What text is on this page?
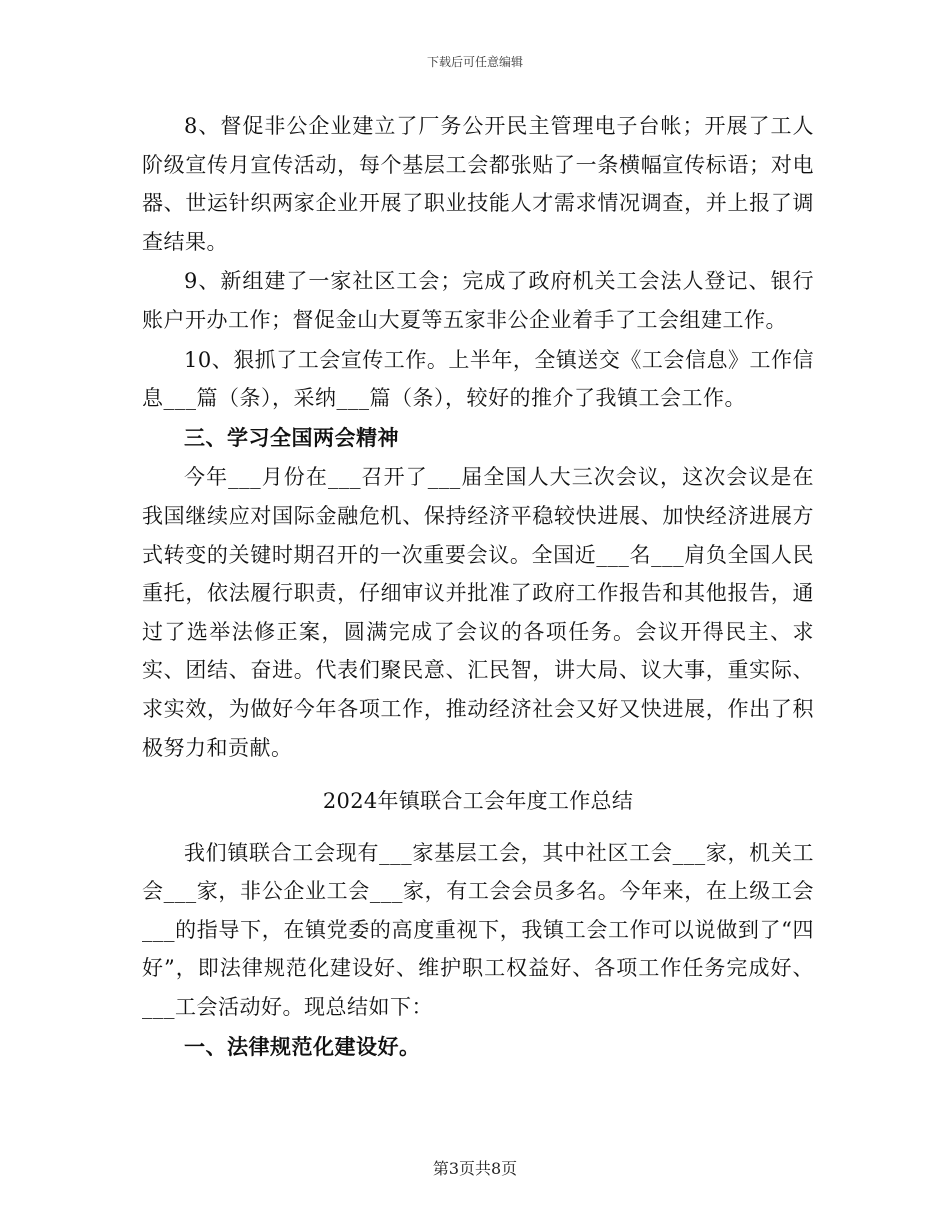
下载后可任意编辑

8、督促非公企业建立了厂务公开民主管理电子台帐；开展了工人阶级宣传月宣传活动，每个基层工会都张贴了一条横幅宣传标语；对电器、世运针织两家企业开展了职业技能人才需求情况调查，并上报了调查结果。

9、新组建了一家社区工会；完成了政府机关工会法人登记、银行账户开办工作；督促金山大夏等五家非公企业着手了工会组建工作。

10、狠抓了工会宣传工作。上半年，全镇送交《工会信息》工作信息___篇（条），采纳___篇（条），较好的推介了我镇工会工作。

三、学习全国两会精神

今年___月份在___召开了___届全国人大三次会议，这次会议是在我国继续应对国际金融危机、保持经济平稳较快进展、加快经济进展方式转变的关键时期召开的一次重要会议。全国近___名___肩负全国人民重托，依法履行职责，仔细审议并批准了政府工作报告和其他报告，通过了选举法修正案，圆满完成了会议的各项任务。会议开得民主、求实、团结、奋进。代表们聚民意、汇民智，讲大局、议大事，重实际、求实效，为做好今年各项工作，推动经济社会又好又快进展，作出了积极努力和贡献。

2024年镇联合工会年度工作总结

我们镇联合工会现有___家基层工会，其中社区工会___家，机关工会___家，非公企业工会___家，有工会会员多名。今年来，在上级工会___的指导下，在镇党委的高度重视下，我镇工会工作可以说做到了“四好”，即法律规范化建设好、维护职工权益好、各项工作任务完成好、___工会活动好。现总结如下：

一、法律规范化建设好。

第3页共8页
